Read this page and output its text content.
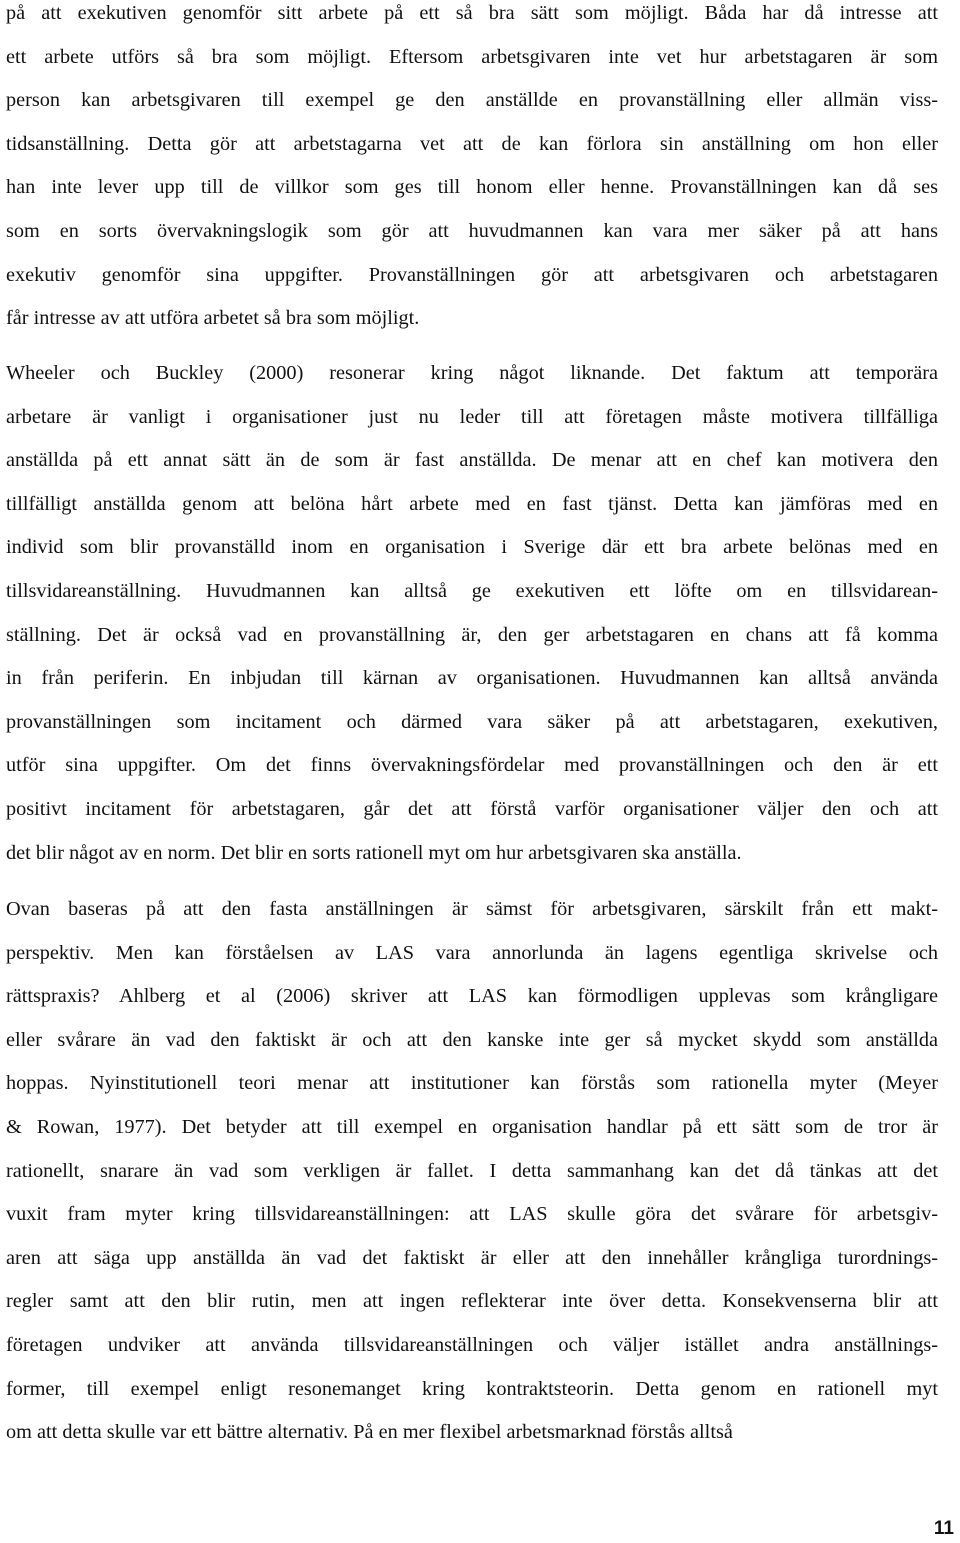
på att exekutiven genomför sitt arbete på ett så bra sätt som möjligt. Båda har då intresse att
ett arbete utförs så bra som möjligt. Eftersom arbetsgivaren inte vet hur arbetstagaren är som
person kan arbetsgivaren till exempel ge den anställde en provanställning eller allmän viss-
tidsanställning. Detta gör att arbetstagarna vet att de kan förlora sin anställning om hon eller
han inte lever upp till de villkor som ges till honom eller henne. Provanställningen kan då ses
som en sorts övervakningslogik som gör att huvudmannen kan vara mer säker på att hans
exekutiv genomför sina uppgifter. Provanställningen gör att arbetsgivaren och arbetstagaren
får intresse av att utföra arbetet så bra som möjligt.
Wheeler och Buckley (2000) resonerar kring något liknande. Det faktum att temporära
arbetare är vanligt i organisationer just nu leder till att företagen måste motivera tillfälliga
anställda på ett annat sätt än de som är fast anställda. De menar att en chef kan motivera den
tillfälligt anställda genom att belöna hårt arbete med en fast tjänst. Detta kan jämföras med en
individ som blir provanställd inom en organisation i Sverige där ett bra arbete belönas med en
tillsvidareanställning. Huvudmannen kan alltså ge exekutiven ett löfte om en tillsvidarean-
ställning. Det är också vad en provanställning är, den ger arbetstagaren en chans att få komma
in från periferin. En inbjudan till kärnan av organisationen. Huvudmannen kan alltså använda
provanställningen som incitament och därmed vara säker på att arbetstagaren, exekutiven,
utför sina uppgifter. Om det finns övervakningsfördelar med provanställningen och den är ett
positivt incitament för arbetstagaren, går det att förstå varför organisationer väljer den och att
det blir något av en norm. Det blir en sorts rationell myt om hur arbetsgivaren ska anställa.
Ovan baseras på att den fasta anställningen är sämst för arbetsgivaren, särskilt från ett makt-
perspektiv. Men kan förståelsen av LAS vara annorlunda än lagens egentliga skrivelse och
rättspraxis? Ahlberg et al (2006) skriver att LAS kan förmodligen upplevas som krångligare
eller svårare än vad den faktiskt är och att den kanske inte ger så mycket skydd som anställda
hoppas. Nyinstitutionell teori menar att institutioner kan förstås som rationella myter (Meyer
& Rowan, 1977). Det betyder att till exempel en organisation handlar på ett sätt som de tror är
rationellt, snarare än vad som verkligen är fallet. I detta sammanhang kan det då tänkas att det
vuxit fram myter kring tillsvidareanställningen: att LAS skulle göra det svårare för arbetsgiv-
aren att säga upp anställda än vad det faktiskt är eller att den innehåller krångliga turordnings-
regler samt att den blir rutin, men att ingen reflekterar inte över detta. Konsekvenserna blir att
företagen undviker att använda tillsvidareanställningen och väljer istället andra anställnings-
former, till exempel enligt resonemanget kring kontraktsteorin. Detta genom en rationell myt
om att detta skulle var ett bättre alternativ. På en mer flexibel arbetsmarknad förstås alltså
11
